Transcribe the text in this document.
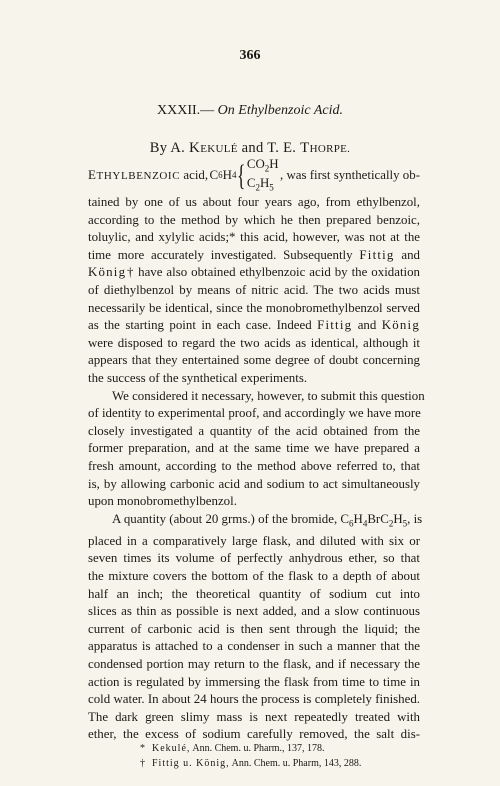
366
XXXII.— On Ethylbenzoic Acid.
By A. KEKULÉ and T. E. THORPE.

ETHYLBENZOIC acid, C 6 H 4 { $CO_2H$
$C_2H_5$
, was first synthetically ob-
tained by one of us about four years ago, from ethylbenzol,
according to the method by which he then prepared benzoic,
toluylic, and xylylic acids;* this acid, however, was not at the
time more accurately investigated. Subsequently Fittig and
König† have also obtained ethylbenzoic acid by the oxidation
of diethylbenzol by means of nitric acid. The two acids must
necessarily be identical, since the monobromethylbenzol served
as the starting point in each case. Indeed Fittig and König
were disposed to regard the two acids as identical, although it
appears that they entertained some degree of doubt concerning
the success of the synthetical experiments.

We considered it necessary, however, to submit this question
of identity to experimental proof, and accordingly we have more
closely investigated a quantity of the acid obtained from the
former preparation, and at the same time we have prepared a
fresh amount, according to the method above referred to, that
is, by allowing carbonic acid and sodium to act simultaneously
upon monobromethylbenzol.

A quantity (about 20 grms.) of the bromide, $C_6H_4BrC_2H_5$, is
placed in a comparatively large flask, and diluted with six or
seven times its volume of perfectly anhydrous ether, so that
the mixture covers the bottom of the flask to a depth of about
half an inch; the theoretical quantity of sodium cut into
slices as thin as possible is next added, and a slow continuous
current of carbonic acid is then sent through the liquid; the
apparatus is attached to a condenser in such a manner that the
condensed portion may return to the flask, and if necessary the
action is regulated by immersing the flask from time to time in
cold water. In about 24 hours the process is completely finished.
The dark green slimy mass is next repeatedly treated with
ether, the excess of sodium carefully removed, the salt dis-

* Kekulé, Ann. Chem. u. Pharm., 137, 178.
† Fittig u. König, Ann. Chem. u. Pharm, 143, 288.
